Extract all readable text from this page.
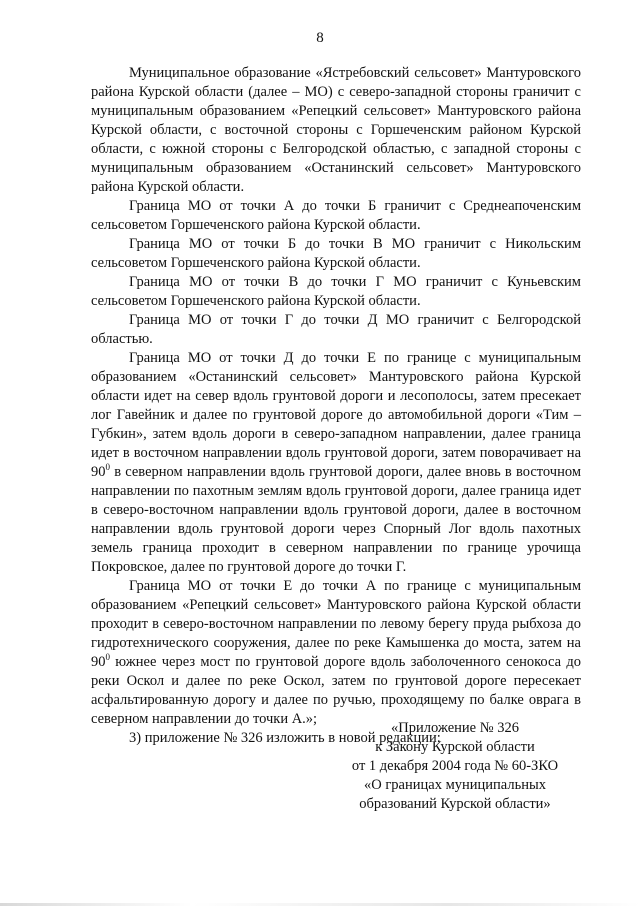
8

Муниципальное образование «Ястребовский сельсовет» Мантуровского района Курской области (далее – МО) с северо-западной стороны граничит с муниципальным образованием «Репецкий сельсовет» Мантуровского района Курской области, с восточной стороны с Горшеченским районом Курской области, с южной стороны с Белгородской областью, с западной стороны с муниципальным образованием «Останинский сельсовет» Мантуровского района Курской области.

Граница МО от точки А до точки Б граничит с Среднеапоченским сельсоветом Горшеченского района Курской области.

Граница МО от точки Б до точки В МО граничит с Никольским сельсоветом Горшеченского района Курской области.

Граница МО от точки В до точки Г МО граничит с Куньевским сельсоветом Горшеченского района Курской области.

Граница МО от точки Г до точки Д МО граничит с Белгородской областью.

Граница МО от точки Д до точки Е по границе с муниципальным образованием «Останинский сельсовет» Мантуровского района Курской области идет на север вдоль грунтовой дороги и лесополосы, затем пресекает лог Гавейник и далее по грунтовой дороге до автомобильной дороги «Тим – Губкин», затем вдоль дороги в северо-западном направлении, далее граница идет в восточном направлении вдоль грунтовой дороги, затем поворачивает на $90^0$ в северном направлении вдоль грунтовой дороги, далее вновь в восточном направлении по пахотным землям вдоль грунтовой дороги, далее граница идет в северо-восточном направлении вдоль грунтовой дороги, далее в восточном направлении вдоль грунтовой дороги через Спорный Лог вдоль пахотных земель граница проходит в северном направлении по границе урочища Покровское, далее по грунтовой дороге до точки Г.

Граница МО от точки Е до точки А по границе с муниципальным образованием «Репецкий сельсовет» Мантуровского района Курской области проходит в северо-восточном направлении по левому берегу пруда рыбхоза до гидротехнического сооружения, далее по реке Камышенка до моста, затем на $90^0$ южнее через мост по грунтовой дороге вдоль заболоченного сенокоса до реки Оскол и далее по реке Оскол, затем по грунтовой дороге пересекает асфальтированную дорогу и далее по ручью, проходящему по балке оврага в северном направлении до точки А.»;

3) приложение № 326 изложить в новой редакции:

«Приложение № 326
к Закону Курской области
от 1 декабря 2004 года № 60-ЗКО
«О границах муниципальных
образований Курской области»
